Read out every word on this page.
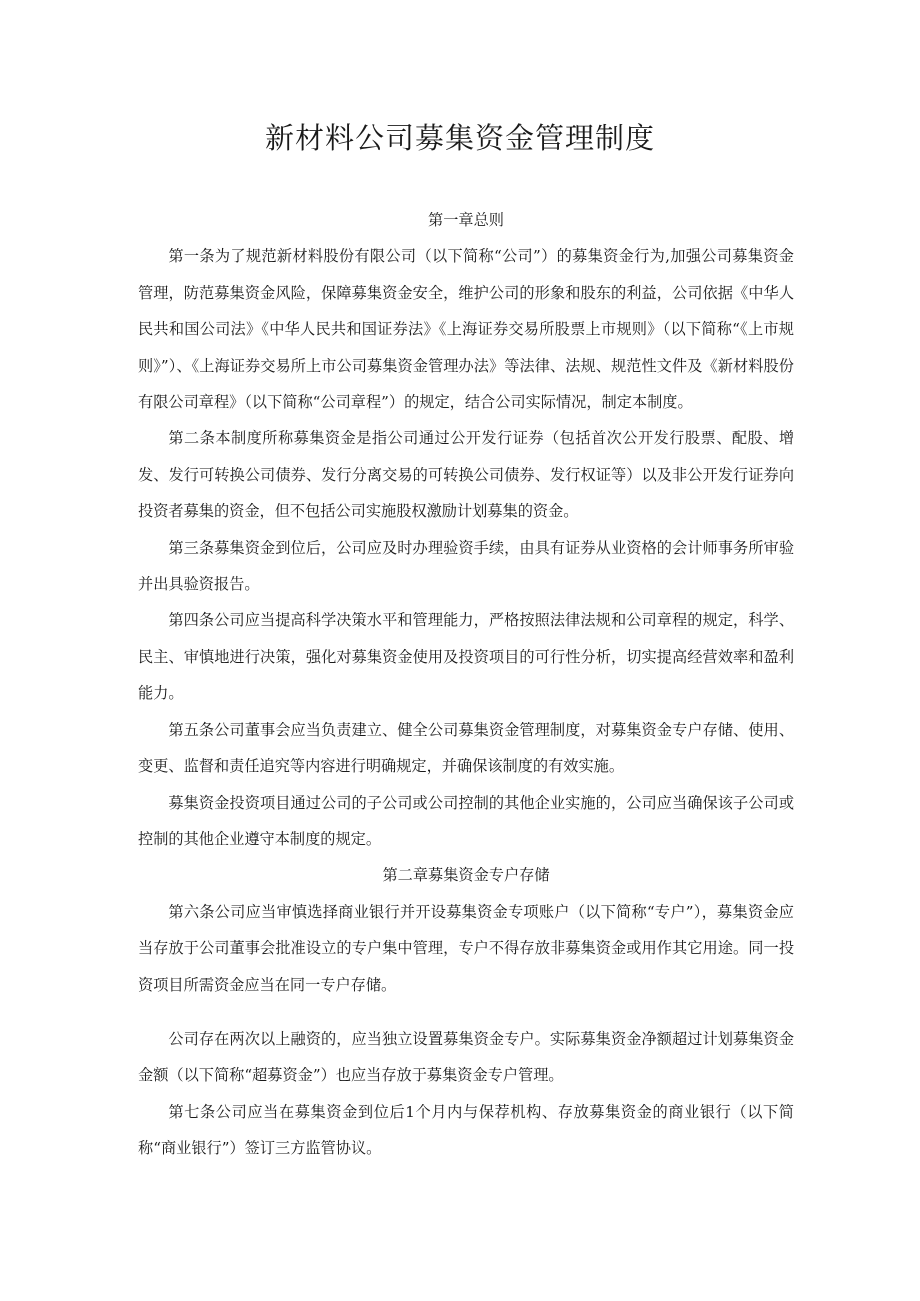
新材料公司募集资金管理制度
第一章总则

第一条为了规范新材料股份有限公司（以下简称“公司”）的募集资金行为,加强公司募集资金管理，防范募集资金风险，保障募集资金安全，维护公司的形象和股东的利益，公司依据《中华人民共和国公司法》《中华人民共和国证券法》《上海证券交易所股票上市规则》（以下简称“《上市规则》”）、《上海证券交易所上市公司募集资金管理办法》等法律、法规、规范性文件及《新材料股份有限公司章程》（以下简称“公司章程”）的规定，结合公司实际情况，制定本制度。

第二条本制度所称募集资金是指公司通过公开发行证券（包括首次公开发行股票、配股、增发、发行可转换公司债券、发行分离交易的可转换公司债券、发行权证等）以及非公开发行证券向投资者募集的资金，但不包括公司实施股权激励计划募集的资金。

第三条募集资金到位后，公司应及时办理验资手续，由具有证券从业资格的会计师事务所审验并出具验资报告。

第四条公司应当提高科学决策水平和管理能力，严格按照法律法规和公司章程的规定，科学、民主、审慎地进行决策，强化对募集资金使用及投资项目的可行性分析，切实提高经营效率和盈利能力。

第五条公司董事会应当负责建立、健全公司募集资金管理制度，对募集资金专户存储、使用、变更、监督和责任追究等内容进行明确规定，并确保该制度的有效实施。

募集资金投资项目通过公司的子公司或公司控制的其他企业实施的，公司应当确保该子公司或控制的其他企业遵守本制度的规定。

第二章募集资金专户存储

第六条公司应当审慎选择商业银行并开设募集资金专项账户（以下简称“专户”），募集资金应当存放于公司董事会批准设立的专户集中管理，专户不得存放非募集资金或用作其它用途。同一投资项目所需资金应当在同一专户存储。

公司存在两次以上融资的，应当独立设置募集资金专户。实际募集资金净额超过计划募集资金金额（以下简称“超募资金”）也应当存放于募集资金专户管理。

第七条公司应当在募集资金到位后1个月内与保荐机构、存放募集资金的商业银行（以下简称“商业银行”）签订三方监管协议。
